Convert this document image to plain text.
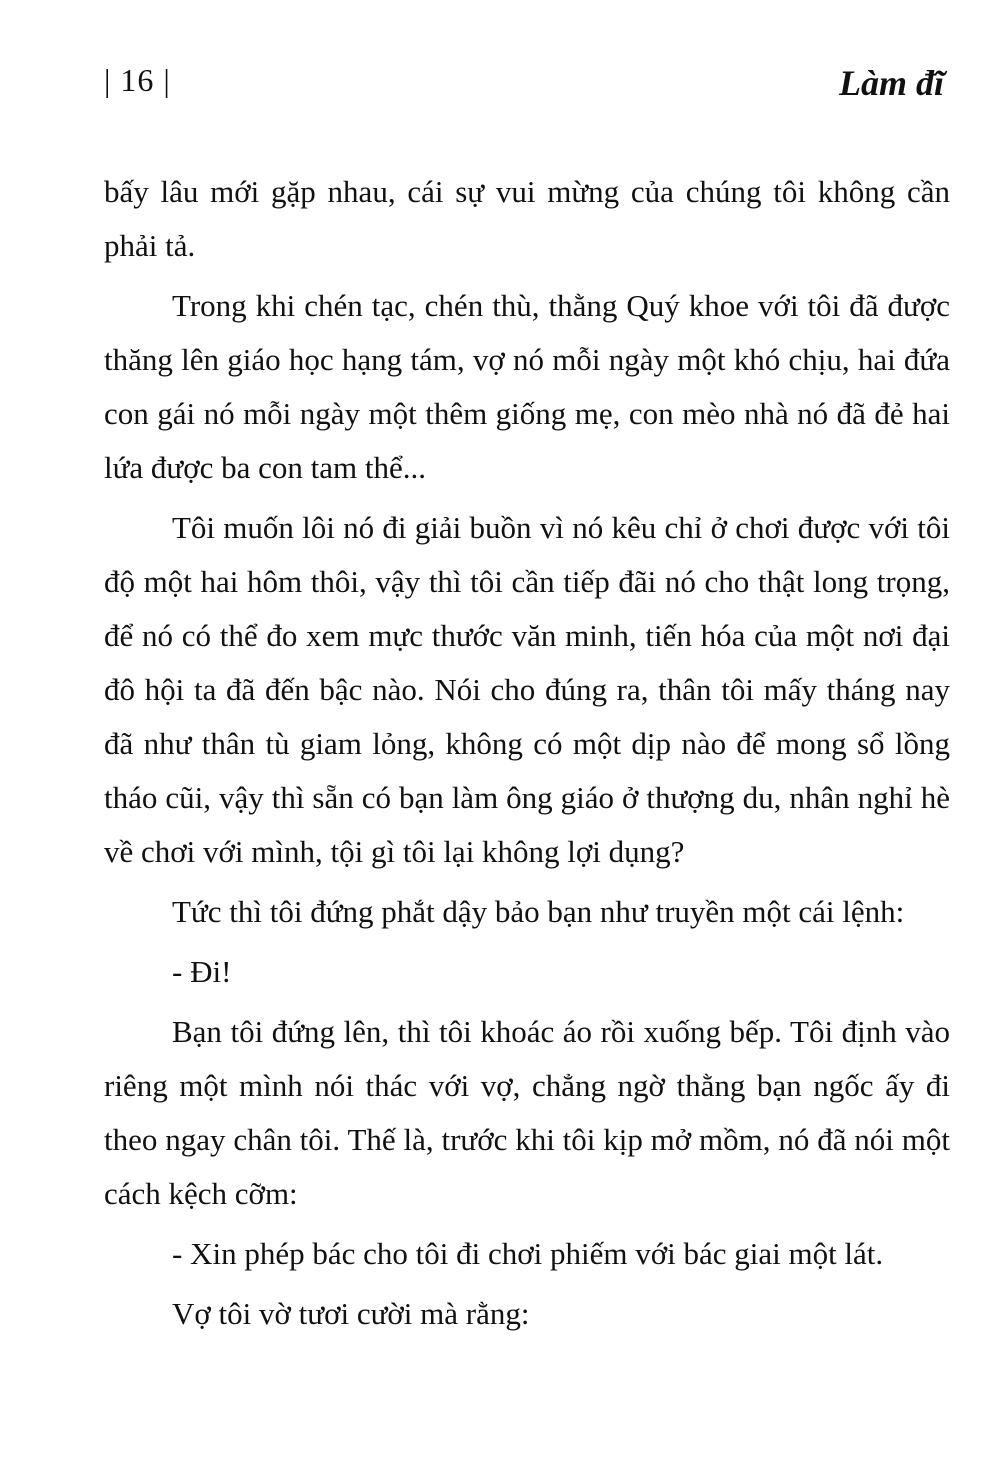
| 16 |	Làm đĩ

bấy lâu mới gặp nhau, cái sự vui mừng của chúng tôi không cần phải tả.

Trong khi chén tạc, chén thù, thằng Quý khoe với tôi đã được thăng lên giáo học hạng tám, vợ nó mỗi ngày một khó chịu, hai đứa con gái nó mỗi ngày một thêm giống mẹ, con mèo nhà nó đã đẻ hai lứa được ba con tam thể...

Tôi muốn lôi nó đi giải buồn vì nó kêu chỉ ở chơi được với tôi độ một hai hôm thôi, vậy thì tôi cần tiếp đãi nó cho thật long trọng, để nó có thể đo xem mực thước văn minh, tiến hóa của một nơi đại đô hội ta đã đến bậc nào. Nói cho đúng ra, thân tôi mấy tháng nay đã như thân tù giam lỏng, không có một dịp nào để mong sổ lồng tháo cũi, vậy thì sẵn có bạn làm ông giáo ở thượng du, nhân nghỉ hè về chơi với mình, tội gì tôi lại không lợi dụng?

Tức thì tôi đứng phắt dậy bảo bạn như truyền một cái lệnh:

- Đi!

Bạn tôi đứng lên, thì tôi khoác áo rồi xuống bếp. Tôi định vào riêng một mình nói thác với vợ, chẳng ngờ thằng bạn ngốc ấy đi theo ngay chân tôi. Thế là, trước khi tôi kịp mở mồm, nó đã nói một cách kệch cỡm:

- Xin phép bác cho tôi đi chơi phiếm với bác giai một lát.

Vợ tôi vờ tươi cười mà rằng:
